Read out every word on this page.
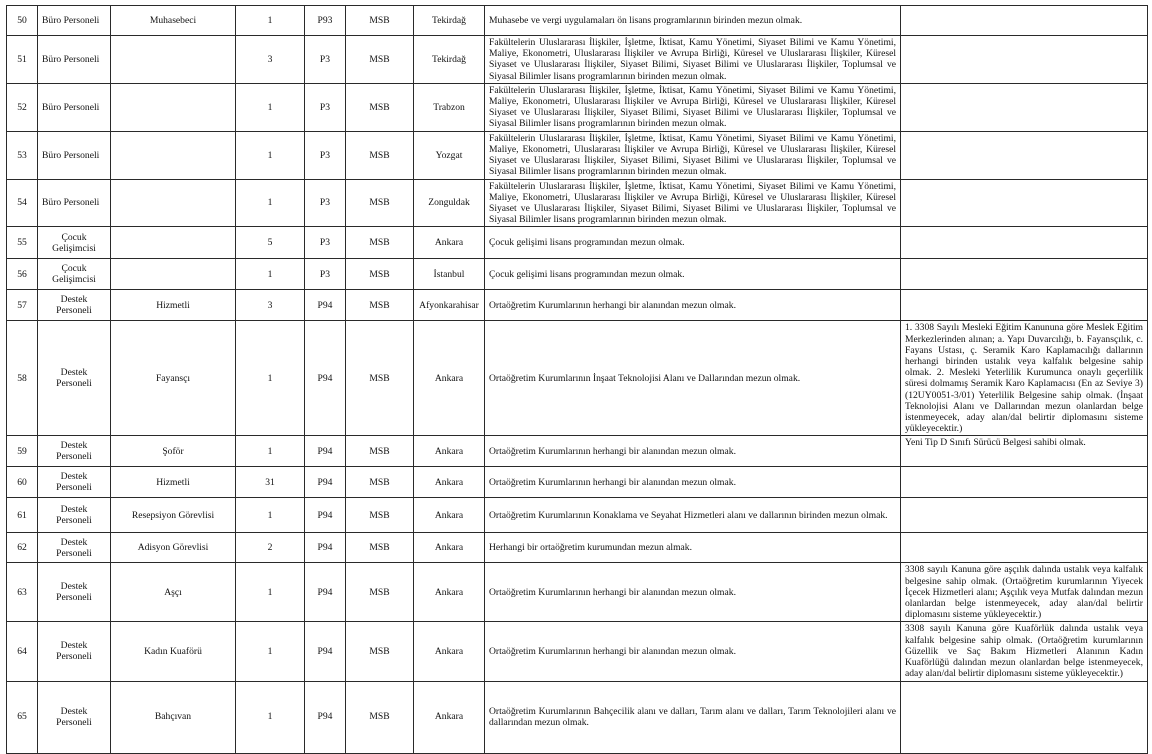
50	Büro Personeli	Muhasebeci	1	P93	MSB	Tekirdağ	Muhasebe ve vergi uygulamaları ön lisans programlarının birinden mezun olmak.	
51	Büro Personeli		3	P3	MSB	Tekirdağ	Fakültelerin Uluslararası İlişkiler, İşletme, İktisat, Kamu Yönetimi, Siyaset Bilimi ve Kamu Yönetimi, Maliye, Ekonometri, Uluslararası İlişkiler ve Avrupa Birliği, Küresel ve Uluslararası İlişkiler, Küresel Siyaset ve Uluslararası İlişkiler, Siyaset Bilimi, Siyaset Bilimi ve Uluslararası İlişkiler, Toplumsal ve Siyasal Bilimler lisans programlarının birinden mezun olmak.	
52	Büro Personeli		1	P3	MSB	Trabzon	Fakültelerin Uluslararası İlişkiler, İşletme, İktisat, Kamu Yönetimi, Siyaset Bilimi ve Kamu Yönetimi, Maliye, Ekonometri, Uluslararası İlişkiler ve Avrupa Birliği, Küresel ve Uluslararası İlişkiler, Küresel Siyaset ve Uluslararası İlişkiler, Siyaset Bilimi, Siyaset Bilimi ve Uluslararası İlişkiler, Toplumsal ve Siyasal Bilimler lisans programlarının birinden mezun olmak.	
53	Büro Personeli		1	P3	MSB	Yozgat	Fakültelerin Uluslararası İlişkiler, İşletme, İktisat, Kamu Yönetimi, Siyaset Bilimi ve Kamu Yönetimi, Maliye, Ekonometri, Uluslararası İlişkiler ve Avrupa Birliği, Küresel ve Uluslararası İlişkiler, Küresel Siyaset ve Uluslararası İlişkiler, Siyaset Bilimi, Siyaset Bilimi ve Uluslararası İlişkiler, Toplumsal ve Siyasal Bilimler lisans programlarının birinden mezun olmak.	
54	Büro Personeli		1	P3	MSB	Zonguldak	Fakültelerin Uluslararası İlişkiler, İşletme, İktisat, Kamu Yönetimi, Siyaset Bilimi ve Kamu Yönetimi, Maliye, Ekonometri, Uluslararası İlişkiler ve Avrupa Birliği, Küresel ve Uluslararası İlişkiler, Küresel Siyaset ve Uluslararası İlişkiler, Siyaset Bilimi, Siyaset Bilimi ve Uluslararası İlişkiler, Toplumsal ve Siyasal Bilimler lisans programlarının birinden mezun olmak.	
55	Çocuk Gelişimcisi		5	P3	MSB	Ankara	Çocuk gelişimi lisans programından mezun olmak.	
56	Çocuk Gelişimcisi		1	P3	MSB	İstanbul	Çocuk gelişimi lisans programından mezun olmak.	
57	Destek Personeli	Hizmetli	3	P94	MSB	Afyonkarahisar	Ortaöğretim Kurumlarının herhangi bir alanından mezun olmak.	
58	Destek Personeli	Fayansçı	1	P94	MSB	Ankara	Ortaöğretim Kurumlarının İnşaat Teknolojisi Alanı ve Dallarından mezun olmak.	1. 3308 Sayılı Mesleki Eğitim Kanununa göre Meslek Eğitim Merkezlerinden alınan; a. Yapı Duvarcılığı, b. Fayansçılık, c. Fayans Ustası, ç. Seramik Karo Kaplamacılığı dallarının herhangi birinden ustalık veya kalfalık belgesine sahip olmak. 2. Mesleki Yeterlilik Kurumunca onaylı geçerlilik süresi dolmamış Seramik Karo Kaplamacısı (En az Seviye 3) (12UY0051-3/01) Yeterlilik Belgesine sahip olmak. (İnşaat Teknolojisi Alanı ve Dallarından mezun olanlardan belge istenmeyecek, aday alan/dal belirtir diplomasını sisteme yükleyecektir.)
59	Destek Personeli	Şoför	1	P94	MSB	Ankara	Ortaöğretim Kurumlarının herhangi bir alanından mezun olmak.	Yeni Tip D Sınıfı Sürücü Belgesi sahibi olmak.
60	Destek Personeli	Hizmetli	31	P94	MSB	Ankara	Ortaöğretim Kurumlarının herhangi bir alanından mezun olmak.	
61	Destek Personeli	Resepsiyon Görevlisi	1	P94	MSB	Ankara	Ortaöğretim Kurumlarının Konaklama ve Seyahat Hizmetleri alanı ve dallarının birinden mezun olmak.	
62	Destek Personeli	Adisyon Görevlisi	2	P94	MSB	Ankara	Herhangi bir ortaöğretim kurumundan mezun almak.	
63	Destek Personeli	Aşçı	1	P94	MSB	Ankara	Ortaöğretim Kurumlarının herhangi bir alanından mezun olmak.	3308 sayılı Kanuna göre aşçılık dalında ustalık veya kalfalık belgesine sahip olmak. (Ortaöğretim kurumlarının Yiyecek İçecek Hizmetleri alanı; Aşçılık veya Mutfak dalından mezun olanlardan belge istenmeyecek, aday alan/dal belirtir diplomasını sisteme yükleyecektir.)
64	Destek Personeli	Kadın Kuaförü	1	P94	MSB	Ankara	Ortaöğretim Kurumlarının herhangi bir alanından mezun olmak.	3308 sayılı Kanuna göre Kuaförlük dalında ustalık veya kalfalık belgesine sahip olmak. (Ortaöğretim kurumlarının Güzellik ve Saç Bakım Hizmetleri Alanının Kadın Kuaförlüğü dalından mezun olanlardan belge istenmeyecek, aday alan/dal belirtir diplomasını sisteme yükleyecektir.)
65	Destek Personeli	Bahçıvan	1	P94	MSB	Ankara	Ortaöğretim Kurumlarının Bahçecilik alanı ve dalları, Tarım alanı ve dalları, Tarım Teknolojileri alanı ve dallarından mezun olmak.	
